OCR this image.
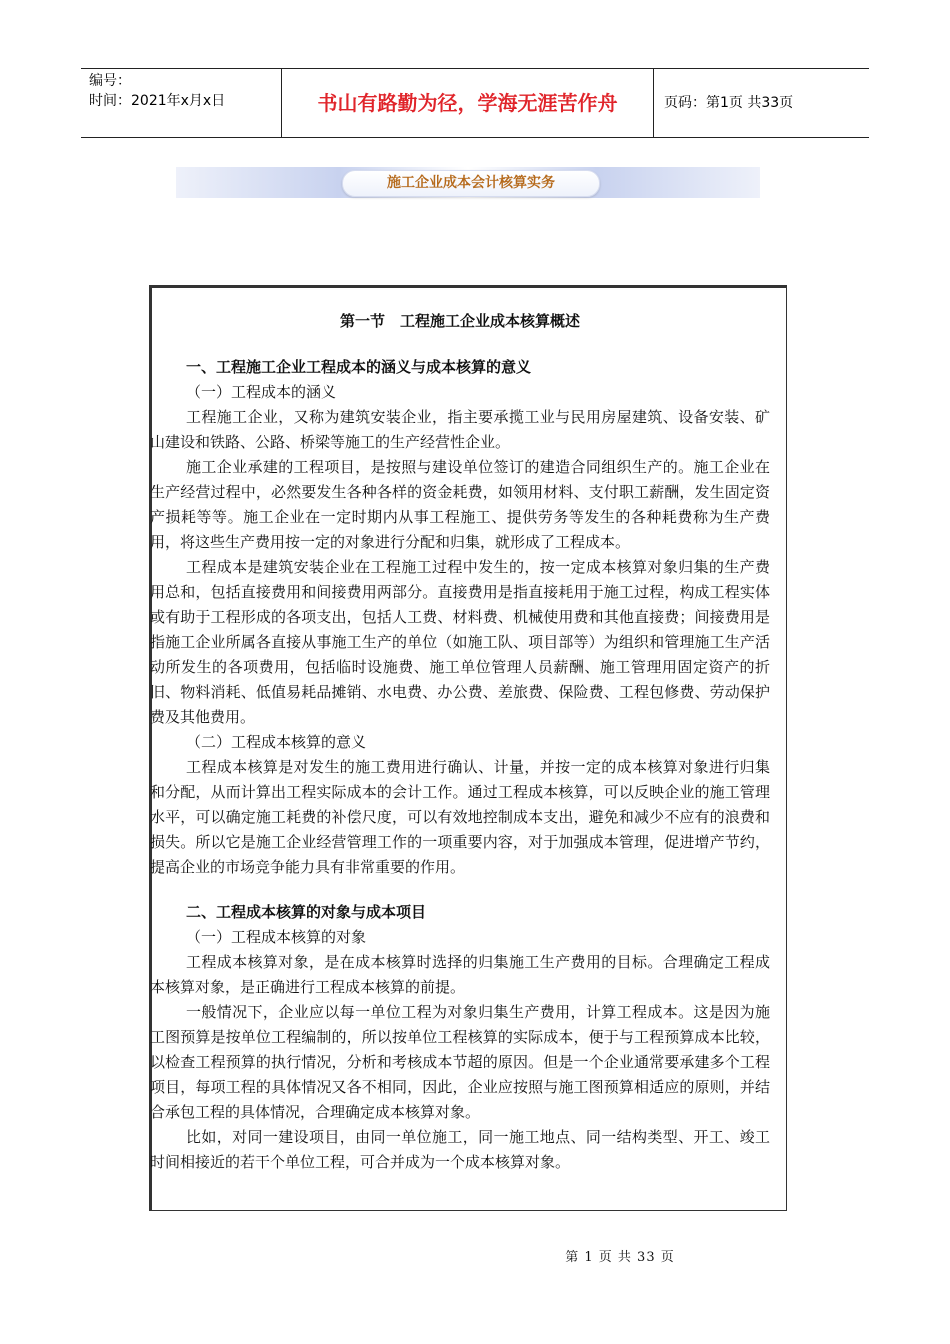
编号：
时间：2021年x月x日	书山有路勤为径，学海无涯苦作舟	页码：第1页 共33页
施工企业成本会计核算实务
第一节　工程施工企业成本核算概述
一、工程施工企业工程成本的涵义与成本核算的意义
（一）工程成本的涵义
工程施工企业，又称为建筑安装企业，指主要承揽工业与民用房屋建筑、设备安装、矿山建设和铁路、公路、桥梁等施工的生产经营性企业。
施工企业承建的工程项目，是按照与建设单位签订的建造合同组织生产的。施工企业在生产经营过程中，必然要发生各种各样的资金耗费，如领用材料、支付职工薪酬，发生固定资产损耗等等。施工企业在一定时期内从事工程施工、提供劳务等发生的各种耗费称为生产费用，将这些生产费用按一定的对象进行分配和归集，就形成了工程成本。
工程成本是建筑安装企业在工程施工过程中发生的，按一定成本核算对象归集的生产费用总和，包括直接费用和间接费用两部分。直接费用是指直接耗用于施工过程，构成工程实体或有助于工程形成的各项支出，包括人工费、材料费、机械使用费和其他直接费；间接费用是指施工企业所属各直接从事施工生产的单位（如施工队、项目部等）为组织和管理施工生产活动所发生的各项费用，包括临时设施费、施工单位管理人员薪酬、施工管理用固定资产的折旧、物料消耗、低值易耗品摊销、水电费、办公费、差旅费、保险费、工程包修费、劳动保护费及其他费用。
（二）工程成本核算的意义
工程成本核算是对发生的施工费用进行确认、计量，并按一定的成本核算对象进行归集和分配，从而计算出工程实际成本的会计工作。通过工程成本核算，可以反映企业的施工管理水平，可以确定施工耗费的补偿尺度，可以有效地控制成本支出，避免和减少不应有的浪费和损失。所以它是施工企业经营管理工作的一项重要内容，对于加强成本管理，促进增产节约，提高企业的市场竞争能力具有非常重要的作用。
二、工程成本核算的对象与成本项目
（一）工程成本核算的对象
工程成本核算对象，是在成本核算时选择的归集施工生产费用的目标。合理确定工程成本核算对象，是正确进行工程成本核算的前提。
一般情况下，企业应以每一单位工程为对象归集生产费用，计算工程成本。这是因为施工图预算是按单位工程编制的，所以按单位工程核算的实际成本，便于与工程预算成本比较，以检查工程预算的执行情况，分析和考核成本节超的原因。但是一个企业通常要承建多个工程项目，每项工程的具体情况又各不相同，因此，企业应按照与施工图预算相适应的原则，并结合承包工程的具体情况，合理确定成本核算对象。
比如，对同一建设项目，由同一单位施工，同一施工地点、同一结构类型、开工、竣工时间相接近的若干个单位工程，可合并成为一个成本核算对象。
第 1 页 共 33 页
